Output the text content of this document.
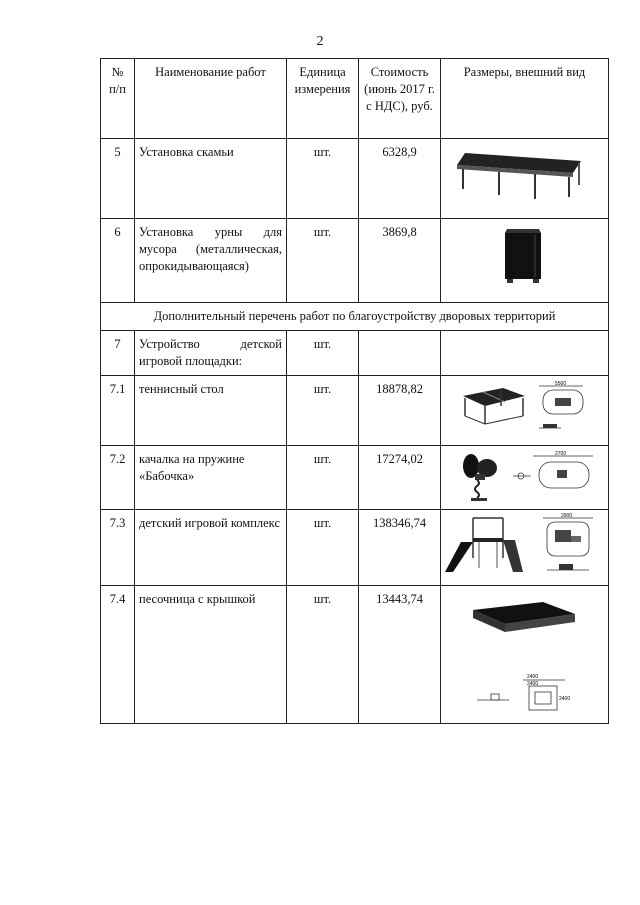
2
№ п/п	Наименование работ	Единица измерения	Стоимость (июнь 2017 г. с НДС), руб.	Размеры, внешний вид
5	Установка скамьи	шт.	6328,9	

6	Установка урны для мусора (металлическая, опрокидывающаяся)	шт.	3869,8	

Дополнительный перечень работ по благоустройству дворовых территорий				
7	Устройство детской игровой площадки:	шт.		
7.1	теннисный стол	шт.	18878,82	5500

7.2	качалка на пружине «Бабочка»	шт.	17274,02	2700

7.3	детский игровой комплекс	шт.	138346,74	2900

7.4	песочница с крышкой	шт.	13443,74	2400
2400
2400
